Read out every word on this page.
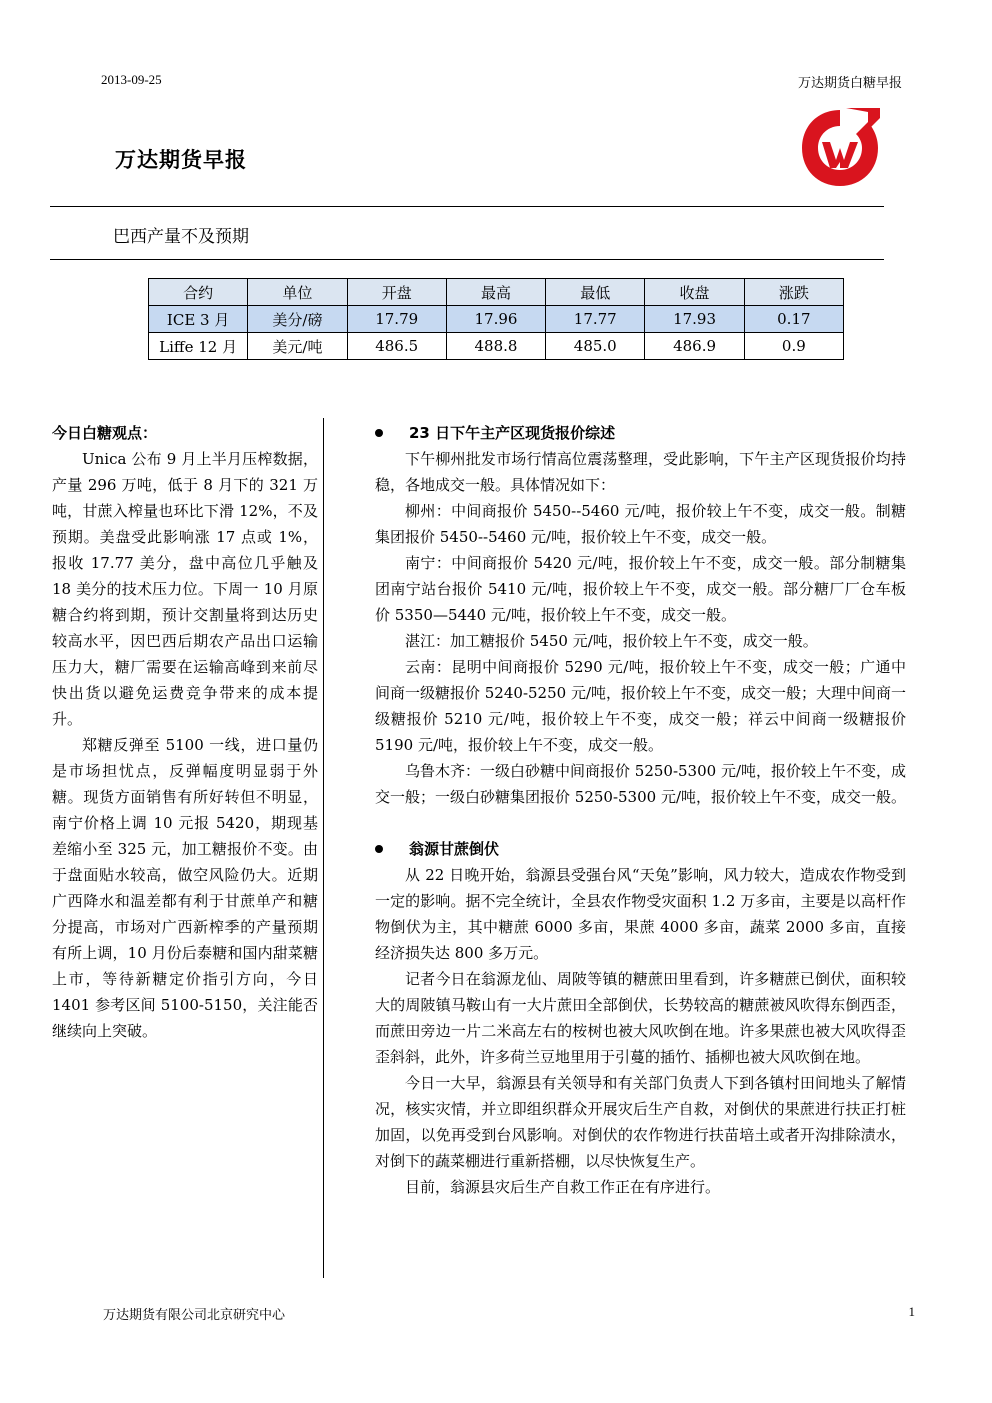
2013-09-25	万达期货白糖早报
万达期货早报
巴西产量不及预期
合约	单位	开盘	最高	最低	收盘	涨跌
ICE 3 月	美分/磅	17.79	17.96	17.77	17.93	0.17
Liffe 12 月	美元/吨	486.5	488.8	485.0	486.9	0.9
今日白糖观点：

Unica 公布 9 月上半月压榨数据，产量 296 万吨，低于 8 月下的 321 万吨，甘蔗入榨量也环比下滑 12%，不及预期。美盘受此影响涨 17 点或 1%，报收 17.77 美分，盘中高位几乎触及 18 美分的技术压力位。下周一 10 月原糖合约将到期，预计交割量将到达历史较高水平，因巴西后期农产品出口运输压力大，糖厂需要在运输高峰到来前尽快出货以避免运费竞争带来的成本提升。

郑糖反弹至 5100 一线，进口量仍是市场担忧点，反弹幅度明显弱于外糖。现货方面销售有所好转但不明显，南宁价格上调 10 元报 5420，期现基差缩小至 325 元，加工糖报价不变。由于盘面贴水较高，做空风险仍大。近期广西降水和温差都有利于甘蔗单产和糖分提高，市场对广西新榨季的产量预期有所上调，10 月份后泰糖和国内甜菜糖上市，等待新糖定价指引方向，今日 1401 参考区间 5100-5150，关注能否继续向上突破。

23 日下午主产区现货报价综述

下午柳州批发市场行情高位震荡整理，受此影响，下午主产区现货报价均持稳，各地成交一般。具体情况如下：

柳州：中间商报价 5450--5460 元/吨，报价较上午不变，成交一般。制糖集团报价 5450--5460 元/吨，报价较上午不变，成交一般。

南宁：中间商报价 5420 元/吨，报价较上午不变，成交一般。部分制糖集团南宁站台报价 5410 元/吨，报价较上午不变，成交一般。部分糖厂厂仓车板价 5350—5440 元/吨，报价较上午不变，成交一般。

湛江：加工糖报价 5450 元/吨，报价较上午不变，成交一般。

云南：昆明中间商报价 5290 元/吨，报价较上午不变，成交一般；广通中间商一级糖报价 5240-5250 元/吨，报价较上午不变，成交一般；大理中间商一级糖报价 5210 元/吨，报价较上午不变，成交一般；祥云中间商一级糖报价 5190 元/吨，报价较上午不变，成交一般。

乌鲁木齐：一级白砂糖中间商报价 5250-5300 元/吨，报价较上午不变，成交一般；一级白砂糖集团报价 5250-5300 元/吨，报价较上午不变，成交一般。

翁源甘蔗倒伏

从 22 日晚开始，翁源县受强台风“天兔”影响，风力较大，造成农作物受到一定的影响。据不完全统计，全县农作物受灾面积 1.2 万多亩，主要是以高杆作物倒伏为主，其中糖蔗 6000 多亩，果蔗 4000 多亩，蔬菜 2000 多亩，直接经济损失达 800 多万元。

记者今日在翁源龙仙、周陂等镇的糖蔗田里看到，许多糖蔗已倒伏，面积较大的周陂镇马鞍山有一大片蔗田全部倒伏，长势较高的糖蔗被风吹得东倒西歪，而蔗田旁边一片二米高左右的桉树也被大风吹倒在地。许多果蔗也被大风吹得歪歪斜斜，此外，许多荷兰豆地里用于引蔓的插竹、插柳也被大风吹倒在地。

今日一大早，翁源县有关领导和有关部门负责人下到各镇村田间地头了解情况，核实灾情，并立即组织群众开展灾后生产自救，对倒伏的果蔗进行扶正打桩加固，以免再受到台风影响。对倒伏的农作物进行扶苗培土或者开沟排除渍水，对倒下的蔬菜棚进行重新搭棚，以尽快恢复生产。

目前，翁源县灾后生产自救工作正在有序进行。

万达期货有限公司北京研究中心	1
